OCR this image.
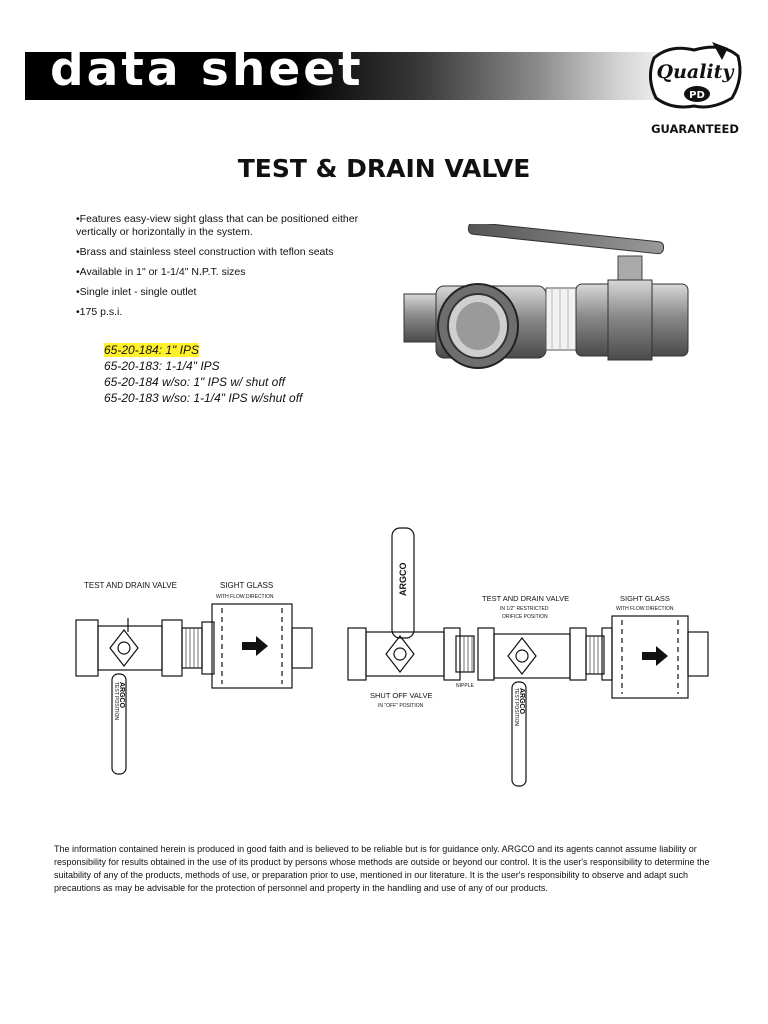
data sheet	Quality
PD
GUARANTEED
TEST & DRAIN VALVE
•Features easy-view sight glass that can be positioned either vertically or horizontally in the system.
•Brass and stainless steel construction with teflon seats
•Available in 1" or 1-1/4" N.P.T. sizes
•Single inlet - single outlet
•175 p.s.i.
65-20-184: 1" IPS
65-20-183: 1-1/4" IPS
65-20-184 w/so: 1" IPS w/ shut off
65-20-183 w/so: 1-1/4" IPS w/shut off
TEST AND DRAIN VALVE	SIGHT GLASS
WITH FLOW DIRECTION
ARGCO
TEST POSITION
ARGCO
TEST AND DRAIN VALVE
IN 1/2" RESTRICTED
ORIFICE POSITION
SIGHT GLASS
WITH FLOW DIRECTION
SHUT OFF VALVE
IN "OFF" POSITION
NIPPLE
ARGCO
TEST POSITION
The information contained herein is produced in good faith and is believed to be reliable but is for guidance only. ARGCO and its agents cannot assume liability or responsibility for results obtained in the use of its product by persons whose methods are outside or beyond our control. It is the user's responsibility to determine the suitability of any of the products, methods of use, or preparation prior to use, mentioned in our literature. It is the user's responsibility to observe and adapt such precautions as may be advisable for the protection of personnel and property in the handling and use of any of our products.
